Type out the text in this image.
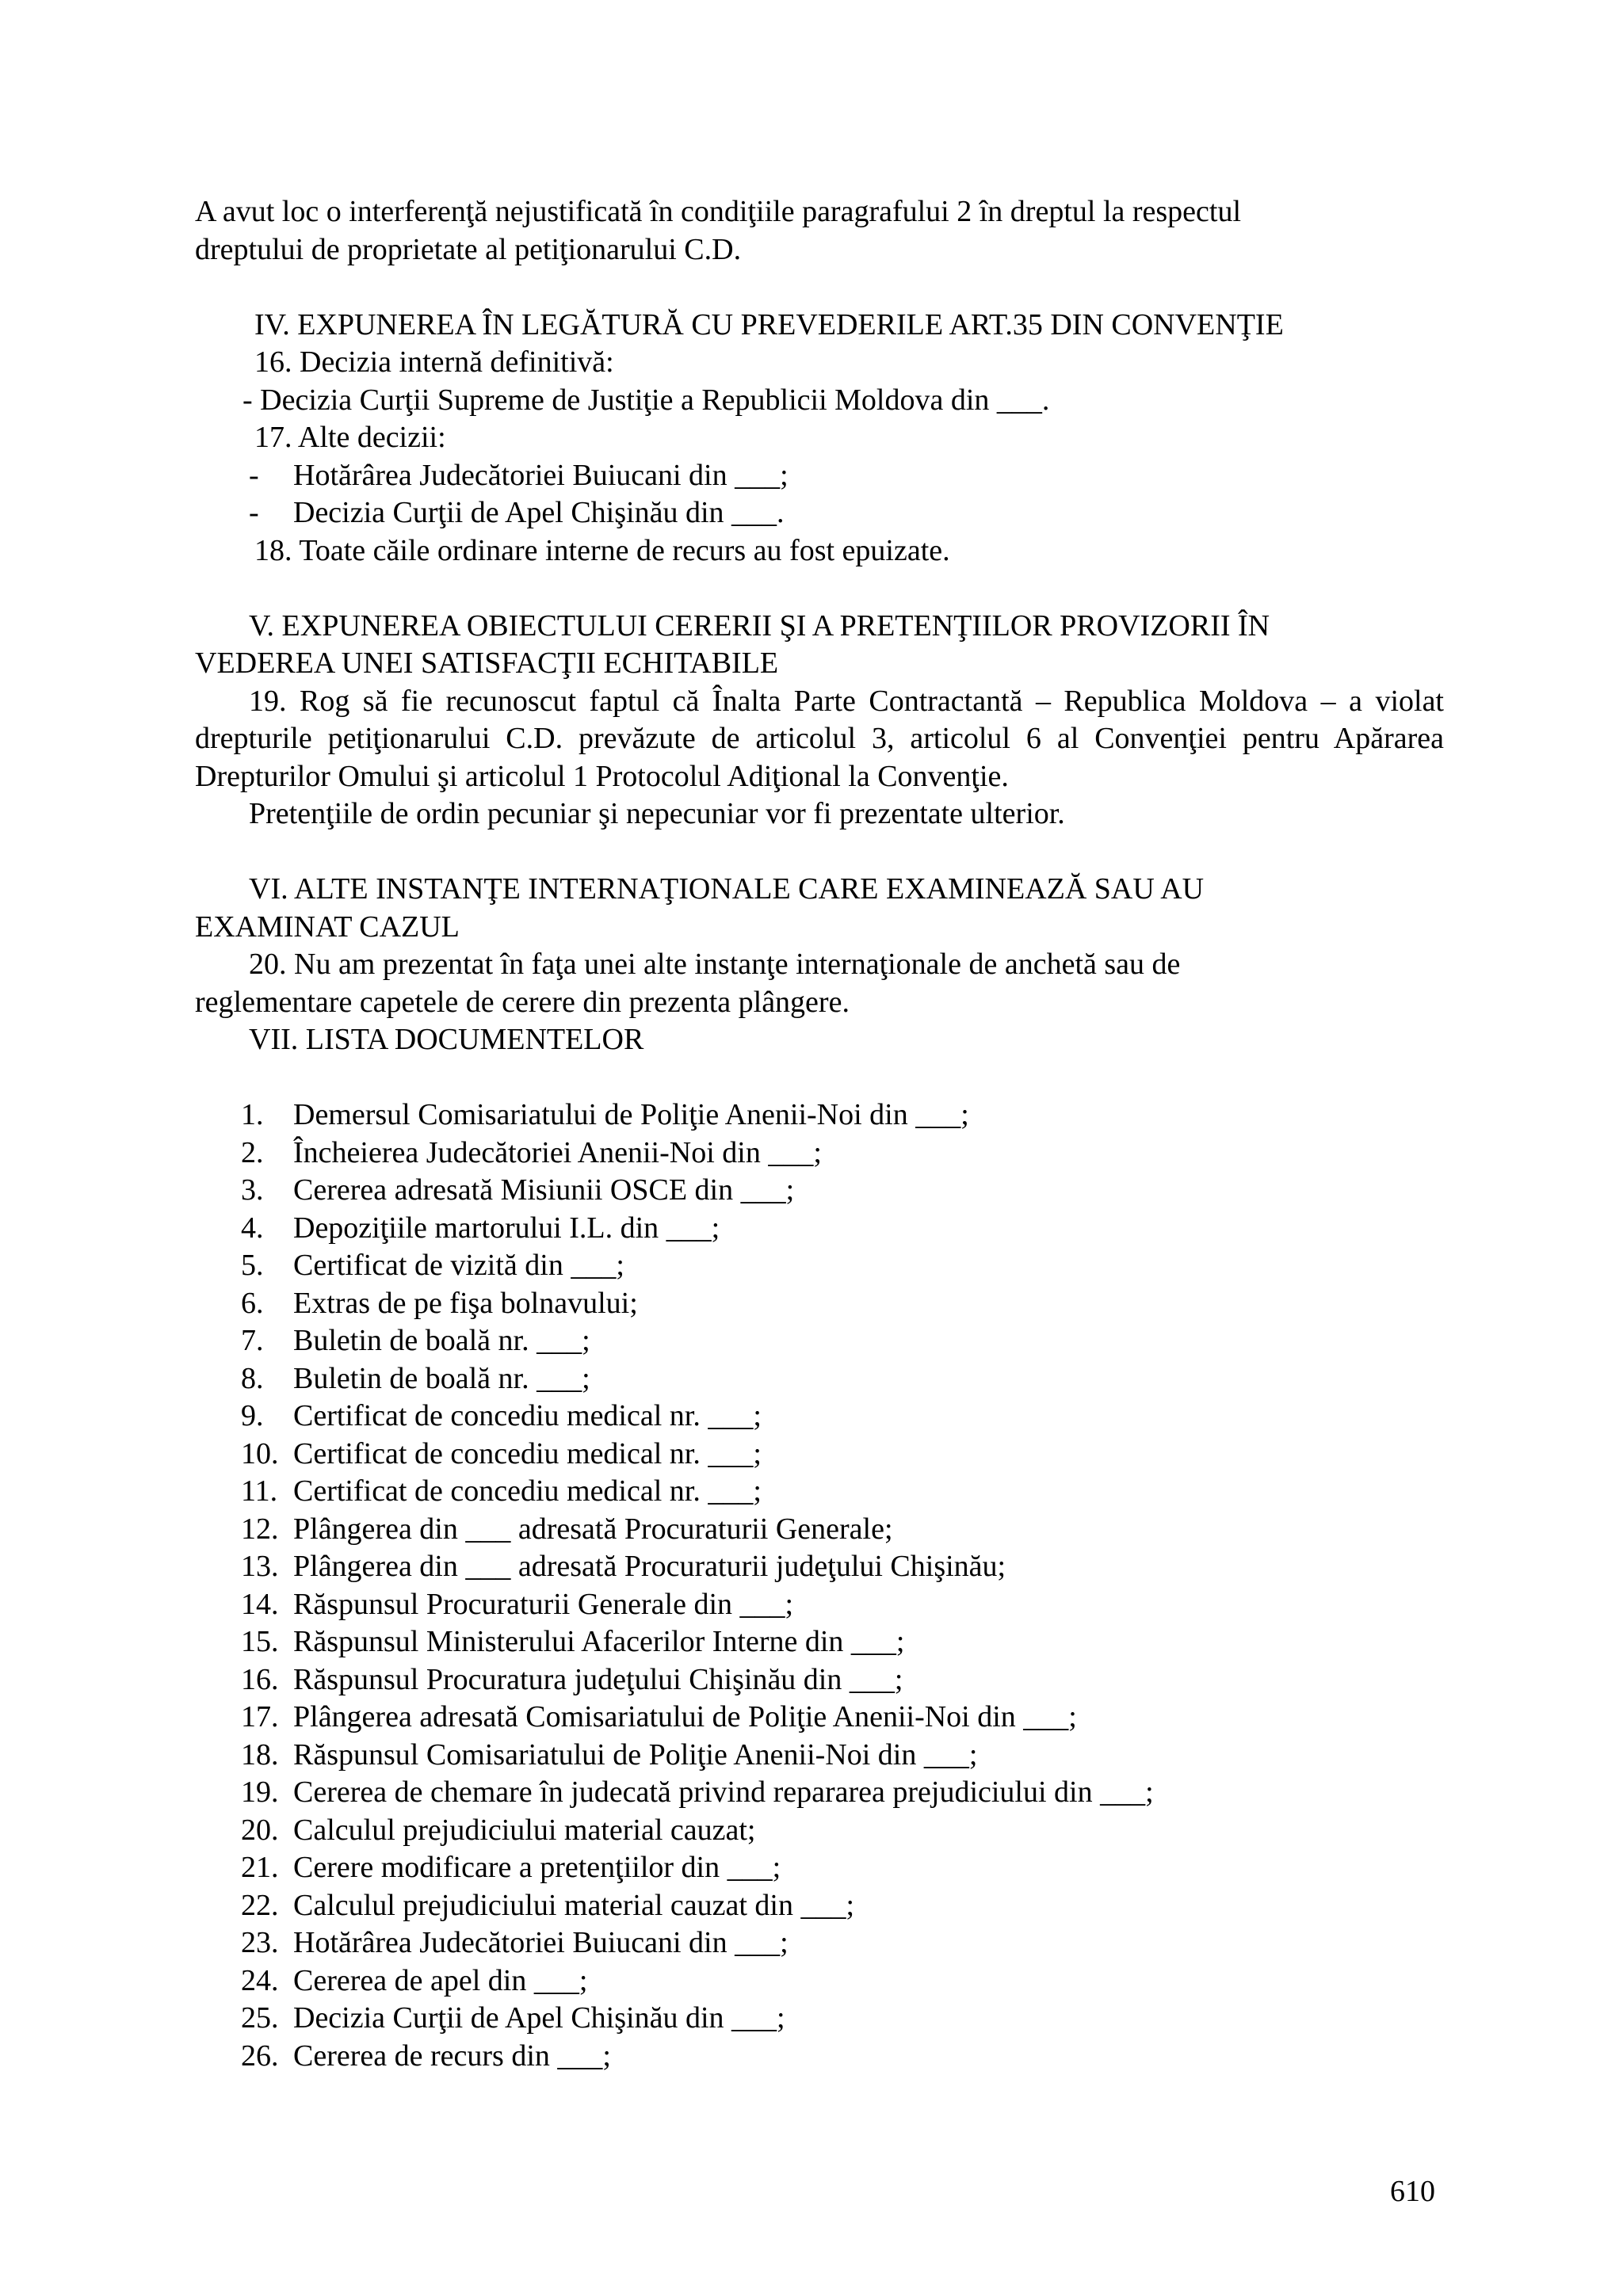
A avut loc o interferenţă nejustificată în condiţiile paragrafului 2 în dreptul la respectul

dreptului de proprietate al petiţionarului C.D.

IV. EXPUNEREA ÎN LEGĂTURĂ CU PREVEDERILE ART.35 DIN CONVENŢIE

16. Decizia internă definitivă:

- Decizia Curţii Supreme de Justiţie a Republicii Moldova din ___.

17. Alte decizii:

- Hotărârea Judecătoriei Buiucani din ___;

- Decizia Curţii de Apel Chişinău din ___.

18. Toate căile ordinare interne de recurs au fost epuizate.

V. EXPUNEREA OBIECTULUI CERERII ŞI A PRETENŢIILOR PROVIZORII ÎN

VEDEREA UNEI SATISFACŢII ECHITABILE

19. Rog să fie recunoscut faptul că Înalta Parte Contractantă – Republica Moldova – a violat drepturile petiţionarului C.D. prevăzute de articolul 3, articolul 6 al Convenţiei pentru Apărarea Drepturilor Omului şi articolul 1 Protocolul Adiţional la Convenţie.

Pretenţiile de ordin pecuniar şi nepecuniar vor fi prezentate ulterior.

VI. ALTE INSTANŢE INTERNAŢIONALE CARE EXAMINEAZĂ SAU AU

EXAMINAT CAZUL

20. Nu am prezentat în faţa unei alte instanţe internaţionale de anchetă sau de

reglementare capetele de cerere din prezenta plângere.

VII. LISTA DOCUMENTELOR

1. Demersul Comisariatului de Poliţie Anenii-Noi din ___;
2. Încheierea Judecătoriei Anenii-Noi din ___;
3. Cererea adresată Misiunii OSCE din ___;
4. Depoziţiile martorului I.L. din ___;
5. Certificat de vizită din ___;
6. Extras de pe fişa bolnavului;
7. Buletin de boală nr. ___;
8. Buletin de boală nr. ___;
9. Certificat de concediu medical nr. ___;
10. Certificat de concediu medical nr. ___;
11. Certificat de concediu medical nr. ___;
12. Plângerea din ___ adresată Procuraturii Generale;
13. Plângerea din ___ adresată Procuraturii judeţului Chişinău;
14. Răspunsul Procuraturii Generale din ___;
15. Răspunsul Ministerului Afacerilor Interne din ___;
16. Răspunsul Procuratura judeţului Chişinău din ___;
17. Plângerea adresată Comisariatului de Poliţie Anenii-Noi din ___;
18. Răspunsul Comisariatului de Poliţie Anenii-Noi din ___;
19. Cererea de chemare în judecată privind repararea prejudiciului din ___;
20. Calculul prejudiciului material cauzat;
21. Cerere modificare a pretenţiilor din ___;
22. Calculul prejudiciului material cauzat din ___;
23. Hotărârea Judecătoriei Buiucani din ___;
24. Cererea de apel din ___;
25. Decizia Curţii de Apel Chişinău din ___;
26. Cererea de recurs din ___;
610
